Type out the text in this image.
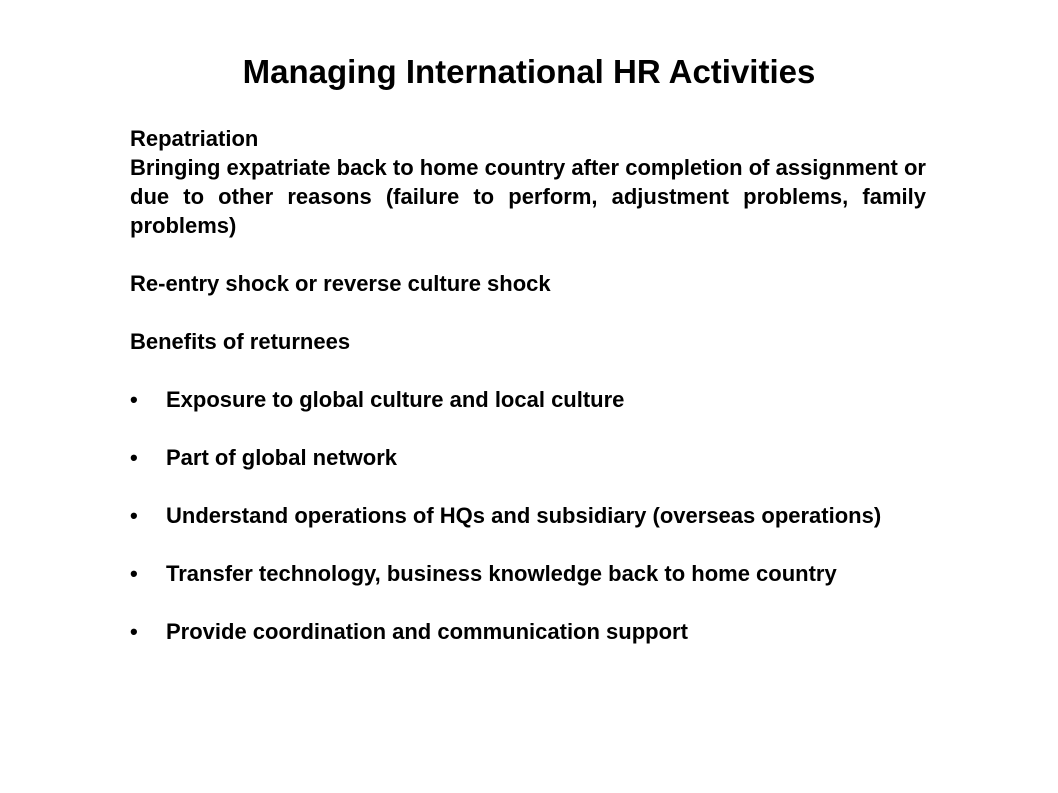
Managing International HR Activities

Repatriation

Bringing expatriate back to home country after completion of assignment or due to other reasons (failure to perform, adjustment problems, family problems)

Re-entry shock or reverse culture shock

Benefits of returnees

• Exposure to global culture and local culture
• Part of global network
• Understand operations of HQs and subsidiary (overseas operations)
• Transfer technology, business knowledge back to home country
• Provide coordination and communication support
